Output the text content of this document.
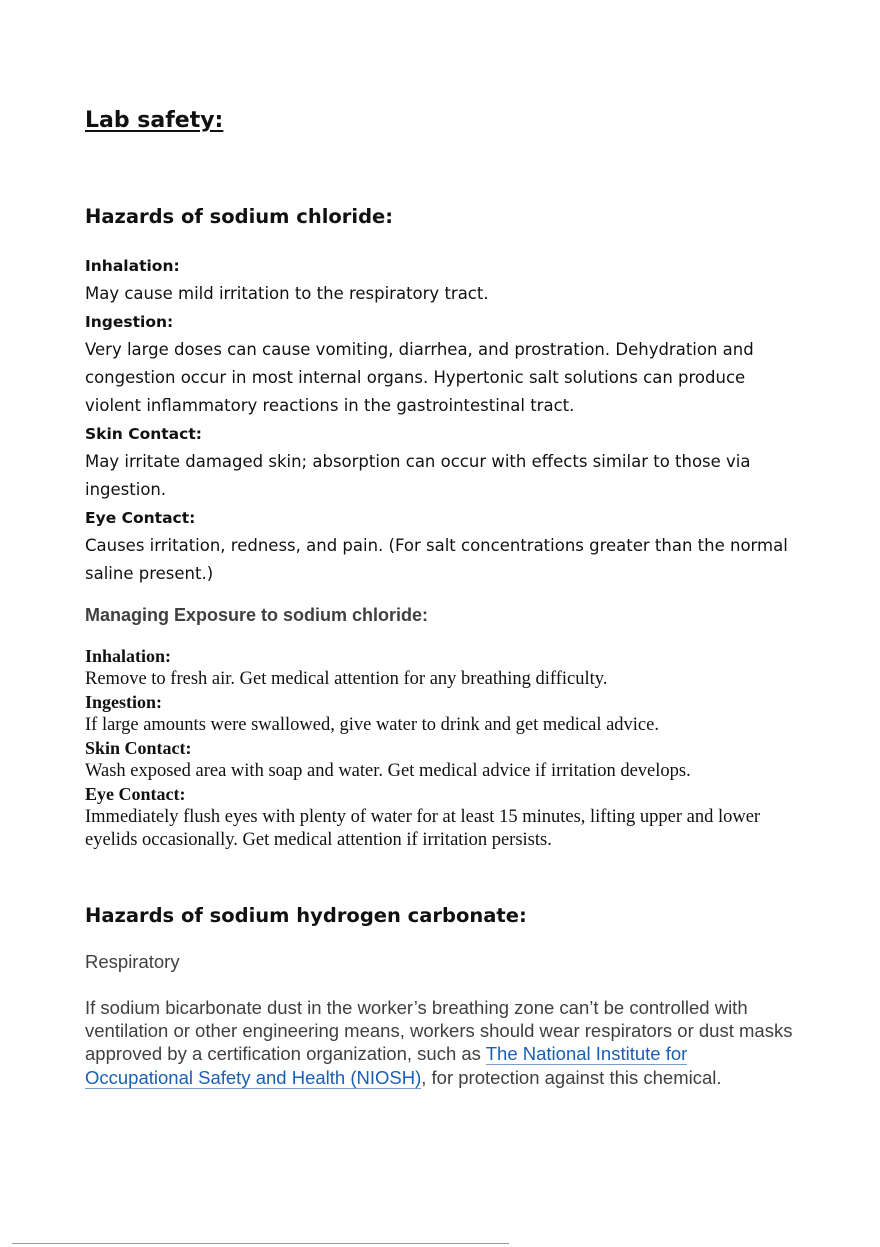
Lab safety:
Hazards of sodium chloride:
Inhalation:
May cause mild irritation to the respiratory tract.
Ingestion:
Very large doses can cause vomiting, diarrhea, and prostration. Dehydration and congestion occur in most internal organs. Hypertonic salt solutions can produce violent inflammatory reactions in the gastrointestinal tract.
Skin Contact:
May irritate damaged skin; absorption can occur with effects similar to those via ingestion.
Eye Contact:
Causes irritation, redness, and pain. (For salt concentrations greater than the normal saline present.)
Managing Exposure to sodium chloride:
Inhalation:
Remove to fresh air. Get medical attention for any breathing difficulty.
Ingestion:
If large amounts were swallowed, give water to drink and get medical advice.
Skin Contact:
Wash exposed area with soap and water. Get medical advice if irritation develops.
Eye Contact:
Immediately flush eyes with plenty of water for at least 15 minutes, lifting upper and lower eyelids occasionally. Get medical attention if irritation persists.
Hazards of sodium hydrogen carbonate:
Respiratory
If sodium bicarbonate dust in the worker’s breathing zone can’t be controlled with ventilation or other engineering means, workers should wear respirators or dust masks approved by a certification organization, such as The National Institute for Occupational Safety and Health (NIOSH), for protection against this chemical.
